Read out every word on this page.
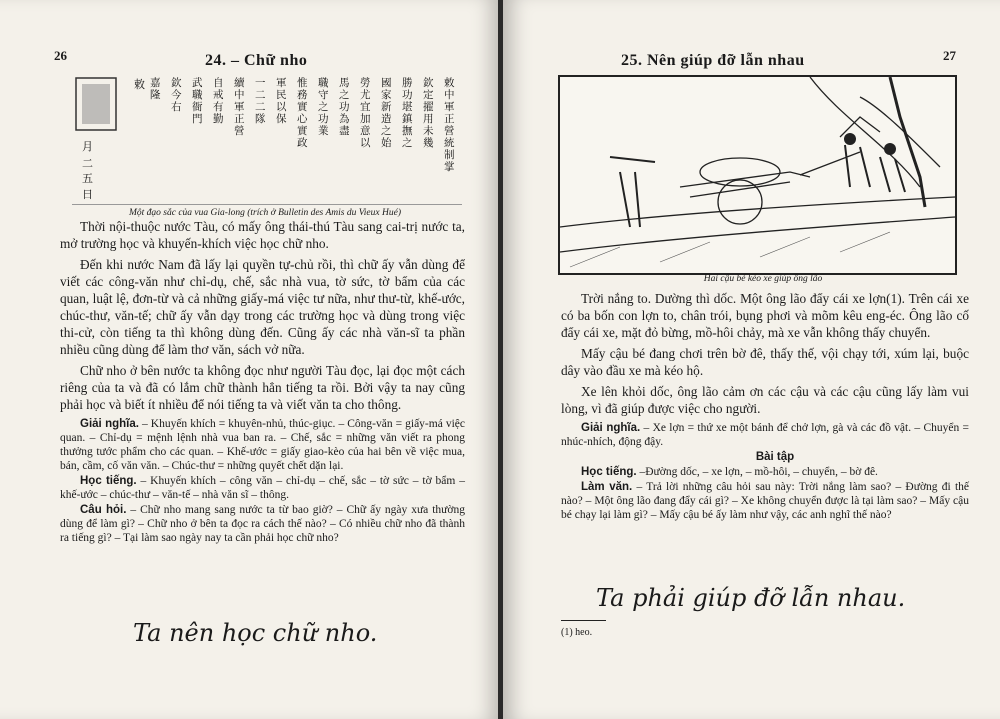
26	24. – Chữ nho
月
二
五
日
敕	敕
中
軍
正
營
統
制
掌
欽
定
擢
用
未
幾
勝
功
堪
鎮
撫
之
國
家
新
造
之
始
勞
尤
宜
加
意
以
馬
之
功
為
盡
職
守
之
功
業
惟
務
實
心
實
政
軍
民
以
保
一
二
二
隊
續
中
軍
正
營
自
戒
有
勤
武
職
衙
門
欽
今
右
嘉
隆
Một đạo sắc của vua Gia-long (trích ở Bulletin des Amis du Vieux Hué)

Thời nội-thuộc nước Tàu, có mấy ông thái-thú Tàu sang cai-trị nước ta, mở trường học và khuyến-khích việc học chữ nho.

Đến khi nước Nam đã lấy lại quyền tự-chủ rồi, thì chữ ấy vẫn dùng để viết các công-văn như chỉ-dụ, chế, sắc nhà vua, tờ sức, tờ bẩm của các quan, luật lệ, đơn-từ và cả những giấy-má việc tư nữa, như thư-từ, khế-ước, chúc-thư, văn-tế; chữ ấy vẫn dạy trong các trường học và dùng trong việc thi-cử, còn tiếng ta thì không dùng đến. Cũng ấy các nhà văn-sĩ ta phần nhiều cũng dùng để làm thơ văn, sách vở nữa.

Chữ nho ở bên nước ta không đọc như người Tàu đọc, lại đọc một cách riêng của ta và đã có lắm chữ thành hẳn tiếng ta rồi. Bởi vậy ta nay cũng phải học và biết ít nhiều để nói tiếng ta và viết văn ta cho thông.

Giải nghĩa. – Khuyến khích = khuyên-nhủ, thúc-giục. – Công-văn = giấy-má việc quan. – Chỉ-dụ = mệnh lệnh nhà vua ban ra. – Chế, sắc = những văn viết ra phong thưởng tước phẩm cho các quan. – Khế-ước = giấy giao-kèo của hai bên về việc mua, bán, cầm, cố văn văn. – Chúc-thư = những quyết chết dặn lại.

Học tiếng. – Khuyến khích – công văn – chỉ-dụ – chế, sắc – tờ sức – tờ bẩm – khế-ước – chúc-thư – văn-tế – nhà văn sĩ – thông.

Câu hỏi. – Chữ nho mang sang nước ta từ bao giờ? – Chữ ấy ngày xưa thường dùng để làm gì? – Chữ nho ở bên ta đọc ra cách thế nào? – Có nhiều chữ nho đã thành ra tiếng gì? – Tại làm sao ngày nay ta cần phải học chữ nho?

Ta nên học chữ nho.
25. Nên giúp đỡ lẫn nhau	27
Hai cậu bé kéo xe giúp ông lão

Trời nắng to. Dường thì dốc. Một ông lão đẩy cái xe lợn(1). Trên cái xe có ba bốn con lợn to, chân trói, bụng phơi và mõm kêu eng-éc. Ông lão cố đẩy cái xe, mặt đỏ bừng, mồ-hôi chảy, mà xe vẫn không thấy chuyển.

Mấy cậu bé đang chơi trên bờ đê, thấy thế, vội chạy tới, xúm lại, buộc dây vào đầu xe mà kéo hộ.

Xe lên khỏi dốc, ông lão cảm ơn các cậu và các cậu cũng lấy làm vui lòng, vì đã giúp được việc cho người.

Giải nghĩa. – Xe lợn = thứ xe một bánh để chở lợn, gà và các đồ vật. – Chuyển = nhúc-nhích, động đậy.

Bài tập

Học tiếng. –Đường dốc, – xe lợn, – mồ-hôi, – chuyển, – bờ đê.

Làm văn. – Trả lời những câu hỏi sau này: Trời nắng làm sao? – Đường đi thế nào? – Một ông lão đang đẩy cái gì? – Xe không chuyển được là tại làm sao? – Mấy cậu bé chạy lại làm gì? – Mấy cậu bé ấy làm như vậy, các anh nghĩ thế nào?

Ta phải giúp đỡ lẫn nhau.
(1) heo.
